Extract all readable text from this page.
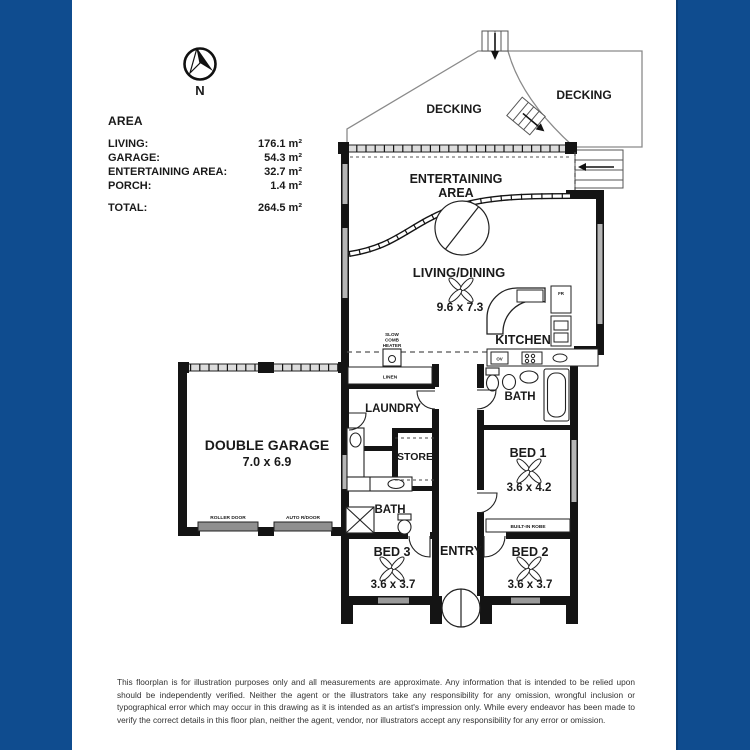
AREA
LIVING:	176.1 m²
GARAGE:	54.3 m²
ENTERTAINING AREA:	32.7 m²
PORCH:	1.4 m²
TOTAL:	264.5 m²
N
SLOW
COMB
HEATER
LINEN
OV
FR
BUILT-IN ROBE
DECKING
DECKING
ENTERTAINING
AREA
LIVING/DINING
9.6 x 7.3
KITCHEN
LAUNDRY
STORE
BATH
BATH
BED 1
3.6 x 4.2
BED 3
3.6 x 3.7
ENTRY BED 2
3.6 x 3.7
DOUBLE GARAGE
7.0 x 6.9
ROLLER DOOR	AUTO R/DOOR

This floorplan is for illustration purposes only and all measurements are approximate. Any information that is intended to be relied upon should be independently verified. Neither the agent or the illustrators take any responsibility for any omission, wrongful inclusion or typographical error which may occur in this drawing as it is intended as an artist's impression only. While every endeavor has been made to verify the correct details in this floor plan, neither the agent, vendor, nor illustrators accept any responsibility for any error or omission.
